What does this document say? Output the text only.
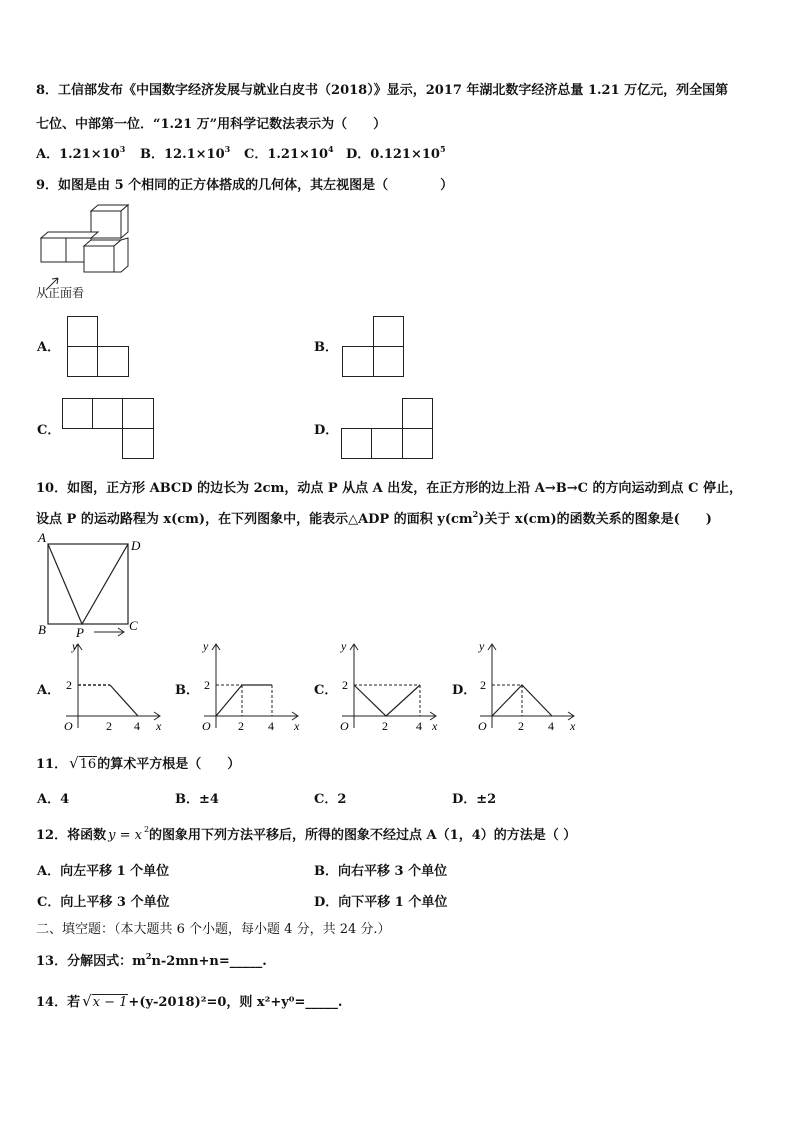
8．工信部发布《中国数字经济发展与就业白皮书（2018）》显示，2017 年湖北数字经济总量 1.21 万亿元，列全国第
七位、中部第一位．“1.21 万”用科学记数法表示为（　　）
A．$1.21\times 10^3$ B．$12.1\times 10^3$ C．$1.21\times 10^4$ D．$0.121\times 10^5$
9．如图是由 5 个相同的正方体搭成的几何体，其左视图是（　　　　）
从正面看
A．	B．
C．	D．
10．如图，正方形 ABCD 的边长为 2cm，动点 P 从点 A 出发，在正方形的边上沿 A→B→C 的方向运动到点 C 停止，
设点 P 的运动路程为 x(cm)，在下列图象中，能表示△ADP 的面积 $y(cm^2)$关于 x(cm)的函数关系的图象是(　　)
A
D
B	C
P
A．	B．	C．	D．
y
2
O	2 4 x
y
2
O 2 4 x
y
2
O	2 4 x
y
2
O	2 4 x
11． √16的算术平方根是（　　）
A．4	B．±4	C．2	D．±2
12．将函数 y = x $^2$的图象用下列方法平移后，所得的图象不经过点 A（1，4）的方法是（ ）
A．向左平移 1 个单位	B．向右平移 3 个单位
C．向上平移 3 个单位	D．向下平移 1 个单位
二、填空题：（本大题共 6 个小题，每小题 4 分，共 24 分.）
13．分解因式：$m^2n-2mn+n=\_\_\_\_\_$.
14．若 √x − 1+(y-2018)²=0，则 x²+y⁰=_____.
